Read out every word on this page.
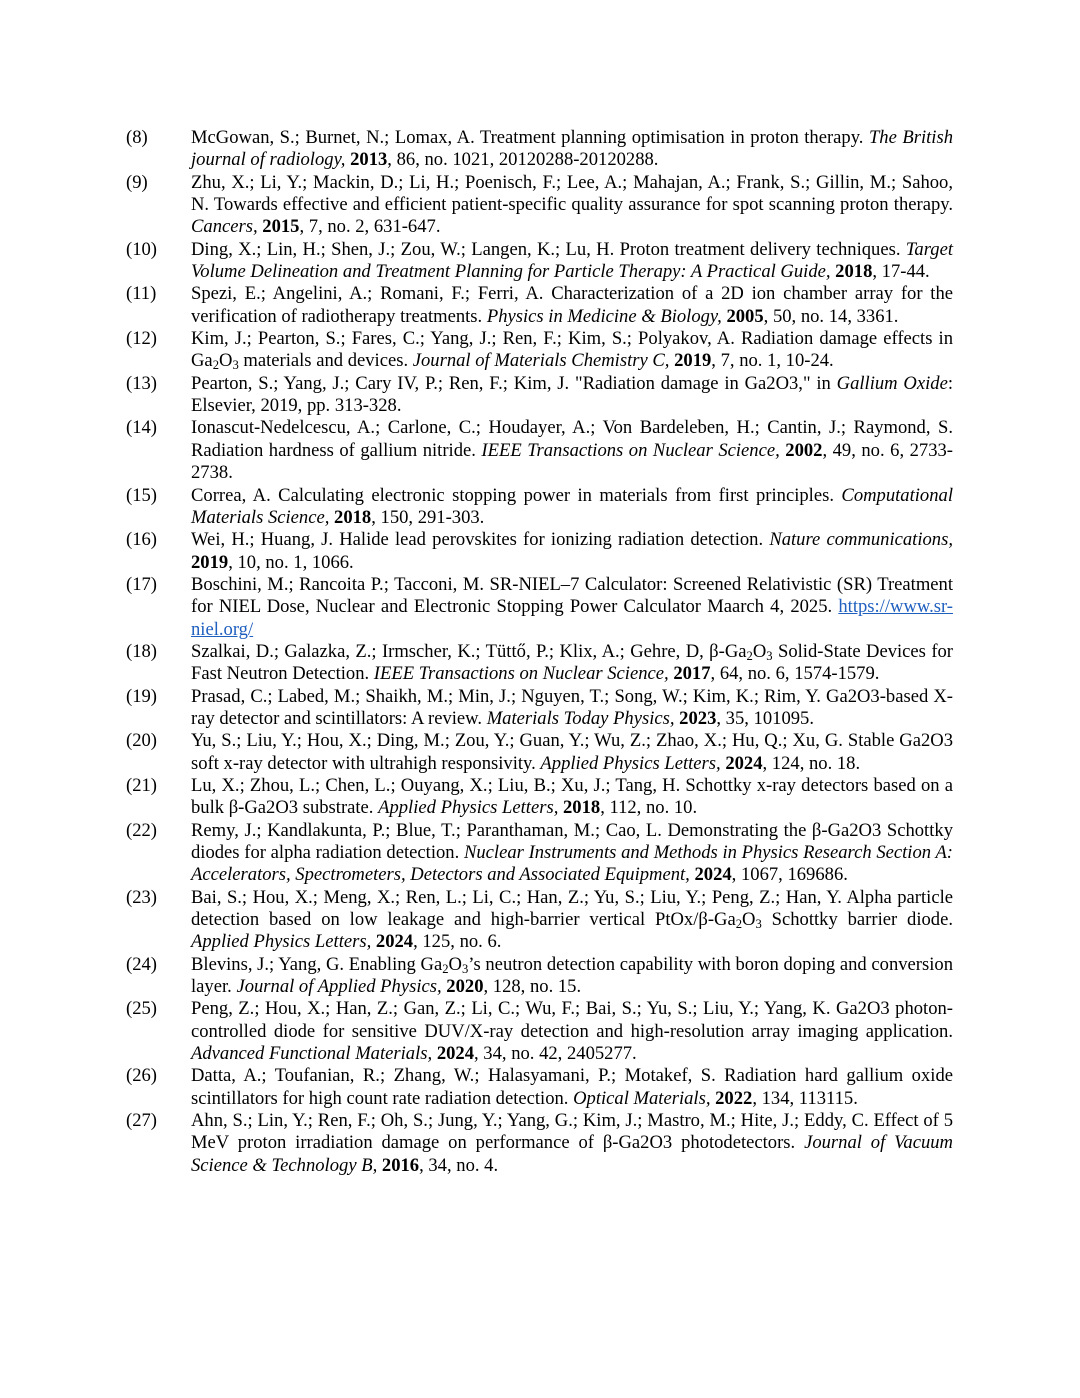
(8)	McGowan, S.; Burnet, N.; Lomax, A. Treatment planning optimisation in proton therapy. The British journal of radiology, 2013, 86, no. 1021, 20120288-20120288.
(9)	Zhu, X.; Li, Y.; Mackin, D.; Li, H.; Poenisch, F.; Lee, A.; Mahajan, A.; Frank, S.; Gillin, M.; Sahoo, N. Towards effective and efficient patient-specific quality assurance for spot scanning proton therapy. Cancers, 2015, 7, no. 2, 631-647.
(10)	Ding, X.; Lin, H.; Shen, J.; Zou, W.; Langen, K.; Lu, H. Proton treatment delivery techniques. Target Volume Delineation and Treatment Planning for Particle Therapy: A Practical Guide, 2018, 17-44.
(11)	Spezi, E.; Angelini, A.; Romani, F.; Ferri, A. Characterization of a 2D ion chamber array for the verification of radiotherapy treatments. Physics in Medicine & Biology, 2005, 50, no. 14, 3361.
(12)	Kim, J.; Pearton, S.; Fares, C.; Yang, J.; Ren, F.; Kim, S.; Polyakov, A. Radiation damage effects in $Ga_2O_3$ materials and devices. Journal of Materials Chemistry C, 2019, 7, no. 1, 10-24.
(13)	Pearton, S.; Yang, J.; Cary IV, P.; Ren, F.; Kim, J. "Radiation damage in Ga2O3," in Gallium Oxide: Elsevier, 2019, pp. 313-328.
(14)	Ionascut-Nedelcescu, A.; Carlone, C.; Houdayer, A.; Von Bardeleben, H.; Cantin, J.; Raymond, S. Radiation hardness of gallium nitride. IEEE Transactions on Nuclear Science, 2002, 49, no. 6, 2733-2738.
(15)	Correa, A. Calculating electronic stopping power in materials from first principles. Computational Materials Science, 2018, 150, 291-303.
(16)	Wei, H.; Huang, J. Halide lead perovskites for ionizing radiation detection. Nature communications, 2019, 10, no. 1, 1066.
(17)	Boschini, M.; Rancoita P.; Tacconi, M. SR-NIEL–7 Calculator: Screened Relativistic (SR) Treatment for NIEL Dose, Nuclear and Electronic Stopping Power Calculator Maarch 4, 2025. https://www.sr-niel.org/
(18)	Szalkai, D.; Galazka, Z.; Irmscher, K.; Tüttő, P.; Klix, A.; Gehre, D, $\beta-Ga_2O_3$ Solid-State Devices for Fast Neutron Detection. IEEE Transactions on Nuclear Science, 2017, 64, no. 6, 1574-1579.
(19)	Prasad, C.; Labed, M.; Shaikh, M.; Min, J.; Nguyen, T.; Song, W.; Kim, K.; Rim, Y. Ga2O3-based X-ray detector and scintillators: A review. Materials Today Physics, 2023, 35, 101095.
(20)	Yu, S.; Liu, Y.; Hou, X.; Ding, M.; Zou, Y.; Guan, Y.; Wu, Z.; Zhao, X.; Hu, Q.; Xu, G. Stable Ga2O3 soft x-ray detector with ultrahigh responsivity. Applied Physics Letters, 2024, 124, no. 18.
(21)	Lu, X.; Zhou, L.; Chen, L.; Ouyang, X.; Liu, B.; Xu, J.; Tang, H. Schottky x-ray detectors based on a bulk β-Ga2O3 substrate. Applied Physics Letters, 2018, 112, no. 10.
(22)	Remy, J.; Kandlakunta, P.; Blue, T.; Paranthaman, M.; Cao, L. Demonstrating the β-Ga2O3 Schottky diodes for alpha radiation detection. Nuclear Instruments and Methods in Physics Research Section A: Accelerators, Spectrometers, Detectors and Associated Equipment, 2024, 1067, 169686.
(23)	Bai, S.; Hou, X.; Meng, X.; Ren, L.; Li, C.; Han, Z.; Yu, S.; Liu, Y.; Peng, Z.; Han, Y. Alpha particle detection based on low leakage and high-barrier vertical PtOx/$\beta-Ga_2O_3$ Schottky barrier diode. Applied Physics Letters, 2024, 125, no. 6.
(24)	Blevins, J.; Yang, G. Enabling $Ga_2O_3’s$ neutron detection capability with boron doping and conversion layer. Journal of Applied Physics, 2020, 128, no. 15.
(25)	Peng, Z.; Hou, X.; Han, Z.; Gan, Z.; Li, C.; Wu, F.; Bai, S.; Yu, S.; Liu, Y.; Yang, K. Ga2O3 photon-controlled diode for sensitive DUV/X-ray detection and high-resolution array imaging application. Advanced Functional Materials, 2024, 34, no. 42, 2405277.
(26)	Datta, A.; Toufanian, R.; Zhang, W.; Halasyamani, P.; Motakef, S. Radiation hard gallium oxide scintillators for high count rate radiation detection. Optical Materials, 2022, 134, 113115.
(27)	Ahn, S.; Lin, Y.; Ren, F.; Oh, S.; Jung, Y.; Yang, G.; Kim, J.; Mastro, M.; Hite, J.; Eddy, C. Effect of 5 MeV proton irradiation damage on performance of β-Ga2O3 photodetectors. Journal of Vacuum Science & Technology B, 2016, 34, no. 4.
